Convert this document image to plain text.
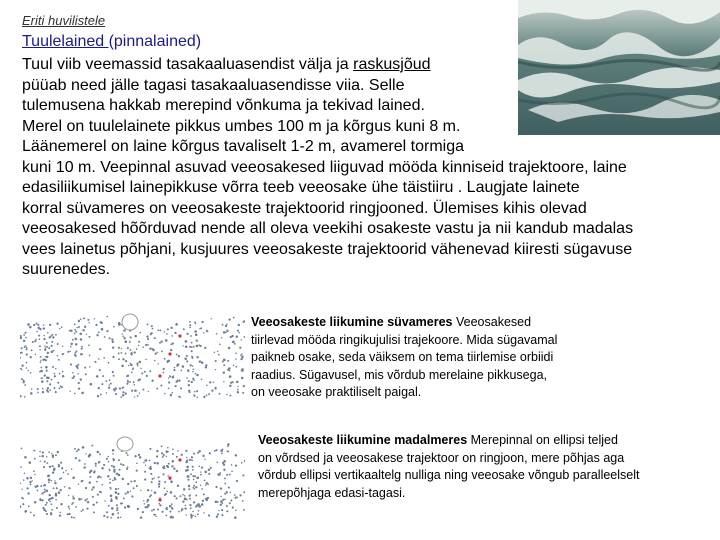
Eriti huvilistele
Tuulelained (pinnalained)
Tuul viib veemassid tasakaaluasendist välja ja raskusjõud
püüab need jälle tagasi tasakaaluasendisse viia. Selle
tulemusena hakkab merepind võnkuma ja tekivad lained.
Merel on tuulelainete pikkus umbes 100 m ja kõrgus kuni 8 m.
Läänemerel on laine kõrgus tavaliselt 1-2 m, avamerel tormiga
kuni 10 m. Veepinnal asuvad veeosakesed liiguvad mööda kinniseid trajektoore, laine
edasiliikumisel lainepikkuse võrra teeb veeosake ühe täistiiru . Laugjate lainete
korral süvameres on veeosakeste trajektoorid ringjooned. Ülemises kihis olevad
veeosakesed hõõrduvad nende all oleva veekihi osakeste vastu ja nii kandub madalas
vees lainetus põhjani, kusjuures veeosakeste trajektoorid vähenevad kiiresti sügavuse
suurenedes.
Veeosakeste liikumine süvameres Veeosakesed
tiirlevad mööda ringikujulisi trajekoore. Mida sügavamal
paikneb osake, seda väiksem on tema tiirlemise orbiidi
raadius. Sügavusel, mis võrdub merelaine pikkusega,
on veeosake praktiliselt paigal.
Veeosakeste liikumine madalmeres Merepinnal on ellipsi teljed
on võrdsed ja veeosakese trajektoor on ringjoon, mere põhjas aga
võrdub ellipsi vertikaaltelg nulliga ning veeosake võngub paralleelselt
merepõhjaga edasi-tagasi.
